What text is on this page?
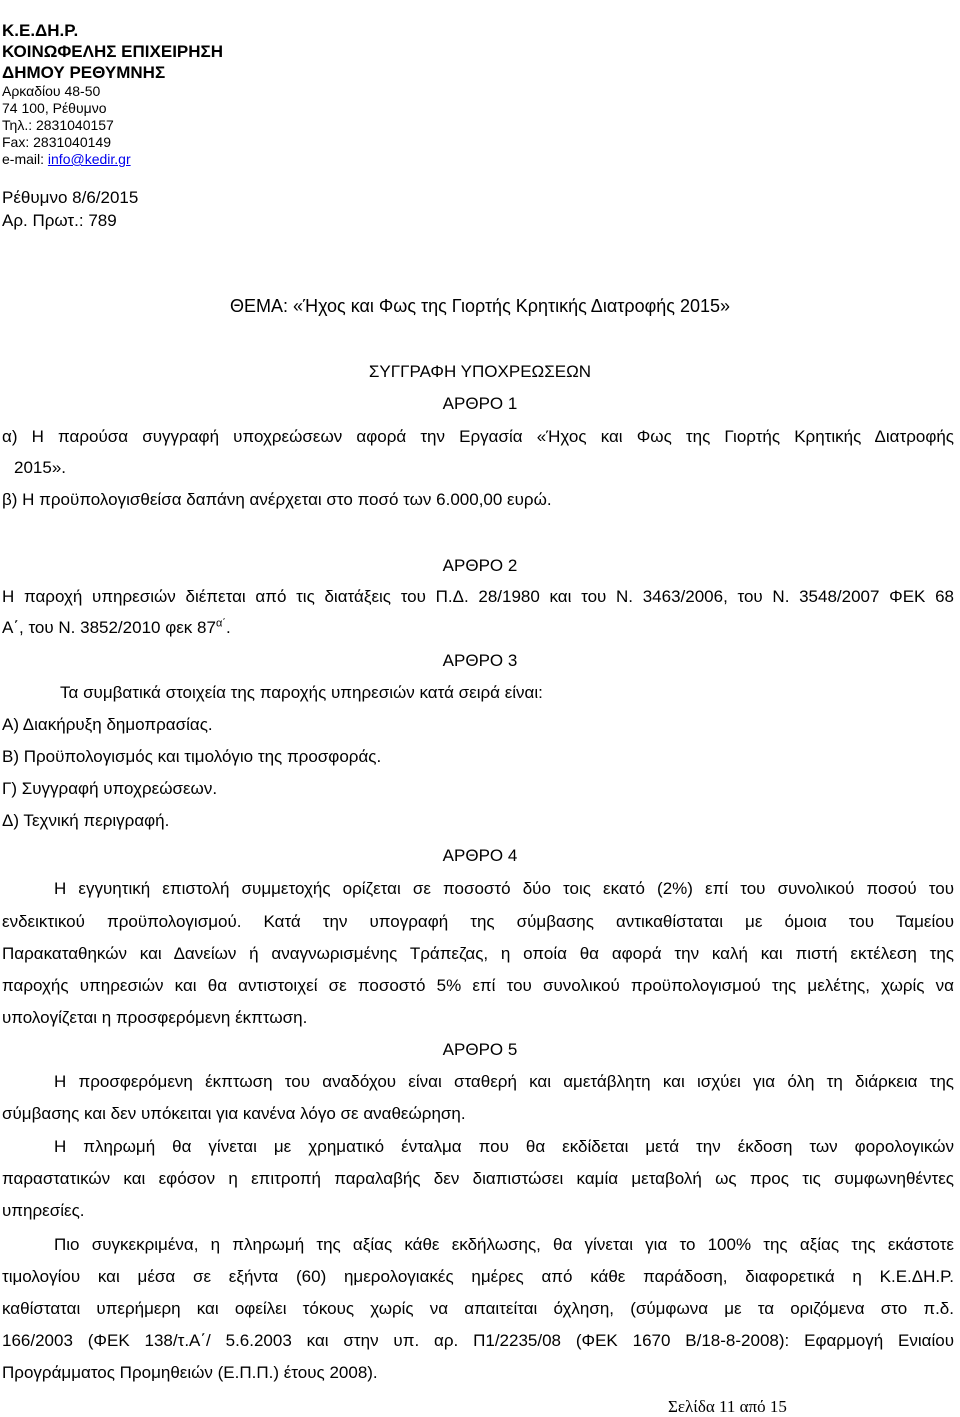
Κ.Ε.ΔΗ.Ρ.
ΚΟΙΝΩΦΕΛΗΣ ΕΠΙΧΕΙΡΗΣΗ
ΔΗΜΟΥ ΡΕΘΥΜΝΗΣ
Αρκαδίου 48-50
74 100, Ρέθυμνο
Τηλ.: 2831040157
Fax: 2831040149
e-mail: info@kedir.gr
Ρέθυμνο 8/6/2015
Αρ. Πρωτ.: 789
ΘΕΜΑ: «Ήχος και Φως της Γιορτής Κρητικής Διατροφής 2015»
ΣΥΓΓΡΑΦΗ ΥΠΟΧΡΕΩΣΕΩΝ
ΑΡΘΡΟ 1
α) Η παρούσα συγγραφή υποχρεώσεων αφορά την Εργασία «Ήχος και Φως της Γιορτής Κρητικής Διατροφής
2015».
β) Η προϋπολογισθείσα δαπάνη ανέρχεται στο ποσό των 6.000,00 ευρώ.
ΑΡΘΡΟ 2
Η παροχή υπηρεσιών διέπεται από τις διατάξεις του Π.Δ. 28/1980 και του Ν. 3463/2006, του Ν. 3548/2007 ΦΕΚ 68
Α΄, του Ν. 3852/2010 φεκ $87^{\alpha΄}$.
ΑΡΘΡΟ 3
Τα συμβατικά στοιχεία της παροχής υπηρεσιών κατά σειρά είναι:
Α) Διακήρυξη δημοπρασίας.
Β) Προϋπολογισμός και τιμολόγιο της προσφοράς.
Γ) Συγγραφή υποχρεώσεων.
Δ) Τεχνική περιγραφή.
ΑΡΘΡΟ 4
Η εγγυητική επιστολή συμμετοχής ορίζεται σε ποσοστό δύο τοις εκατό (2%) επί του συνολικού ποσού του
ενδεικτικού προϋπολογισμού. Κατά την υπογραφή της σύμβασης αντικαθίσταται με όμοια του Ταμείου
Παρακαταθηκών και Δανείων ή αναγνωρισμένης Τράπεζας, η οποία θα αφορά την καλή και πιστή εκτέλεση της
παροχής υπηρεσιών και θα αντιστοιχεί σε ποσοστό 5% επί του συνολικού προϋπολογισμού της μελέτης, χωρίς να
υπολογίζεται η προσφερόμενη έκπτωση.
ΑΡΘΡΟ 5
Η προσφερόμενη έκπτωση του αναδόχου είναι σταθερή και αμετάβλητη και ισχύει για όλη τη διάρκεια της
σύμβασης και δεν υπόκειται για κανένα λόγο σε αναθεώρηση.
Η πληρωμή θα γίνεται με χρηματικό ένταλμα που θα εκδίδεται μετά την έκδοση των φορολογικών
παραστατικών και εφόσον η επιτροπή παραλαβής δεν διαπιστώσει καμία μεταβολή ως προς τις συμφωνηθέντες
υπηρεσίες.
Πιο συγκεκριμένα, η πληρωμή της αξίας κάθε εκδήλωσης, θα γίνεται για το 100% της αξίας της εκάστοτε
τιμολογίου και μέσα σε εξήντα (60) ημερολογιακές ημέρες από κάθε παράδοση, διαφορετικά η Κ.Ε.ΔΗ.Ρ.
καθίσταται υπερήμερη και οφείλει τόκους χωρίς να απαιτείται όχληση, (σύμφωνα με τα οριζόμενα στο π.δ.
166/2003 (ΦΕΚ 138/τ.Α΄/ 5.6.2003 και στην υπ. αρ. Π1/2235/08 (ΦΕΚ 1670 Β/18-8-2008): Εφαρμογή Ενιαίου
Προγράμματος Προμηθειών (Ε.Π.Π.) έτους 2008).
Σελίδα 11 από 15
